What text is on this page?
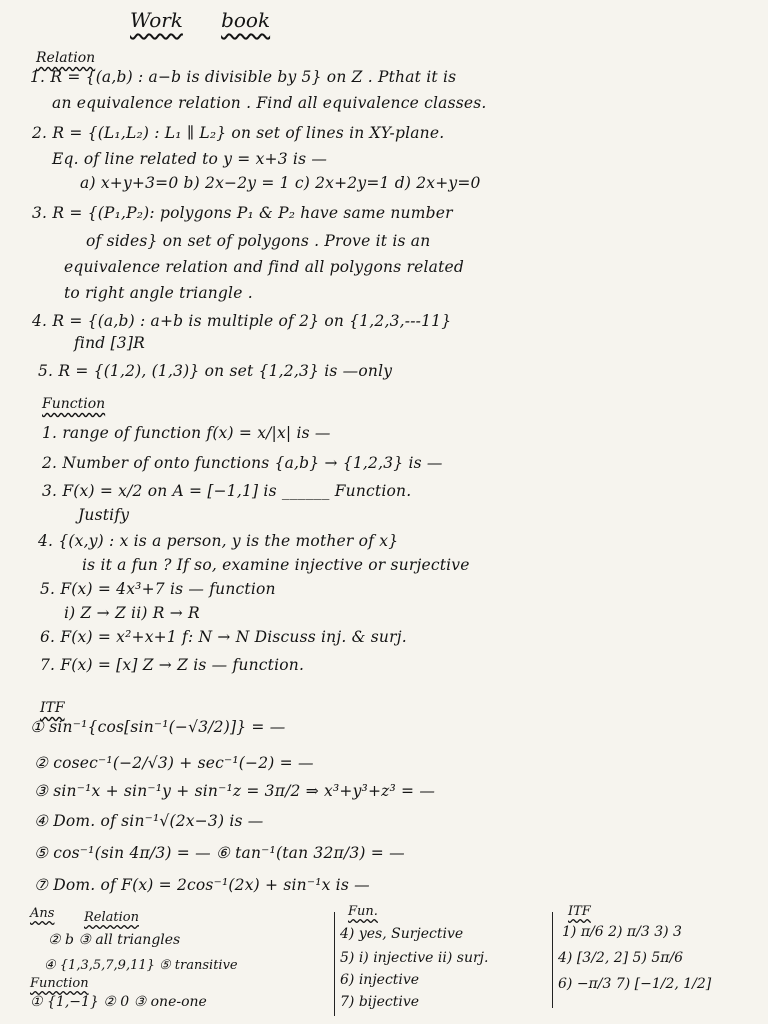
Work book
Relation
1. R = {(a,b) : a−b is divisible by 5} on Z . Pthat it is
an equivalence relation . Find all equivalence classes.
2. R = {(L₁,L₂) : L₁ ∥ L₂} on set of lines in XY-plane.
Eq. of line related to y = x+3 is —
a) x+y+3=0 b) 2x−2y = 1 c) 2x+2y=1 d) 2x+y=0
3. R = {(P₁,P₂): polygons P₁ & P₂ have same number
of sides} on set of polygons . Prove it is an
equivalence relation and find all polygons related
to right angle triangle .
4. R = {(a,b) : a+b is multiple of 2} on {1,2,3,---11}
find [3]R
5. R = {(1,2), (1,3)} on set {1,2,3} is —only
Function
1. range of function f(x) = x/|x| is —
2. Number of onto functions {a,b} → {1,2,3} is —
3. F(x) = x/2 on A = [−1,1] is ______ Function.
Justify
4. {(x,y) : x is a person, y is the mother of x}
is it a fun ? If so, examine injective or surjective
5. F(x) = 4x³+7 is — function
i) Z → Z ii) R → R
6. F(x) = x²+x+1 f: N → N Discuss inj. & surj.
7. F(x) = [x] Z → Z is — function.
ITF
① sin⁻¹{cos[sin⁻¹(−√3/2)]} = —
② cosec⁻¹(−2/√3) + sec⁻¹(−2) = —
③ sin⁻¹x + sin⁻¹y + sin⁻¹z = 3π/2 ⇒ x³+y³+z³ = —
④ Dom. of sin⁻¹√(2x−3) is —
⑤ cos⁻¹(sin 4π/3) = — ⑥ tan⁻¹(tan 32π/3) = —
⑦ Dom. of F(x) = 2cos⁻¹(2x) + sin⁻¹x is —
Ans Relation
② b ③ all triangles
④ {1,3,5,7,9,11} ⑤ transitive
Function
① {1,−1} ② 0 ③ one-one
Fun.
4) yes, Surjective
5) i) injective ii) surj.
6) injective
7) bijective
ITF
1) π/6 2) π/3 3) 3
4) [3/2, 2] 5) 5π/6
6) −π/3 7) [−1/2, 1/2]
